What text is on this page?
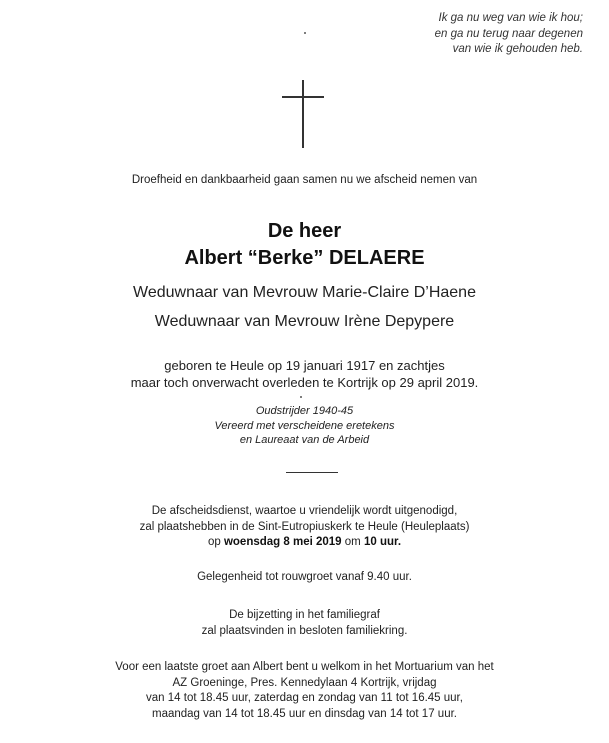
Ik ga nu weg van wie ik hou;
en ga nu terug naar degenen
van wie ik gehouden heb.
Droefheid en dankbaarheid gaan samen nu we afscheid nemen van
De heer
Albert “Berke” DELAERE
Weduwnaar van Mevrouw Marie-Claire D’Haene
Weduwnaar van Mevrouw Irène Depypere
geboren te Heule op 19 januari 1917 en zachtjes
maar toch onverwacht overleden te Kortrijk op 29 april 2019.
Oudstrijder 1940-45
Vereerd met verscheidene eretekens
en Laureaat van de Arbeid
De afscheidsdienst, waartoe u vriendelijk wordt uitgenodigd,
zal plaatshebben in de Sint-Eutropiuskerk te Heule (Heuleplaats)
op woensdag 8 mei 2019 om 10 uur.
Gelegenheid tot rouwgroet vanaf 9.40 uur.
De bijzetting in het familiegraf
zal plaatsvinden in besloten familiekring.
Voor een laatste groet aan Albert bent u welkom in het Mortuarium van het
AZ Groeninge, Pres. Kennedylaan 4 Kortrijk, vrijdag
van 14 tot 18.45 uur, zaterdag en zondag van 11 tot 16.45 uur,
maandag van 14 tot 18.45 uur en dinsdag van 14 tot 17 uur.
